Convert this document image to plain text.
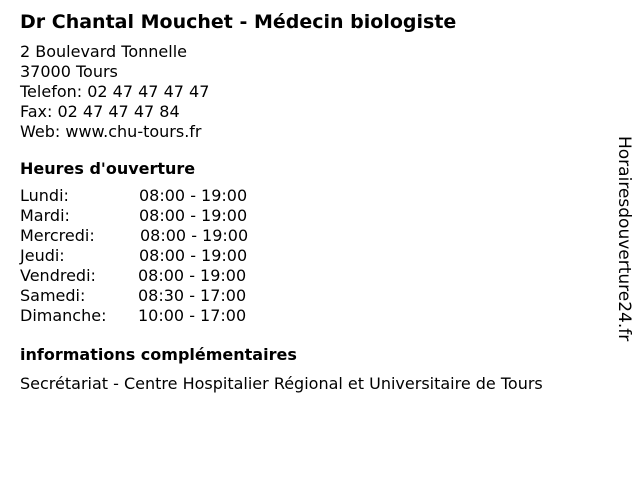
Dr Chantal Mouchet - Médecin biologiste
2 Boulevard Tonnelle
37000 Tours
Telefon: 02 47 47 47 47
Fax: 02 47 47 47 84
Web: www.chu-tours.fr
Heures d'ouverture
Lundi:	08:00 - 19:00
Mardi:	08:00 - 19:00
Mercredi:	08:00 - 19:00
Jeudi:	08:00 - 19:00
Vendredi:	08:00 - 19:00
Samedi:	08:30 - 17:00
Dimanche: 10:00 - 17:00
informations complémentaires
Secrétariat - Centre Hospitalier Régional et Universitaire de Tours
Horairesdouverture24.fr
